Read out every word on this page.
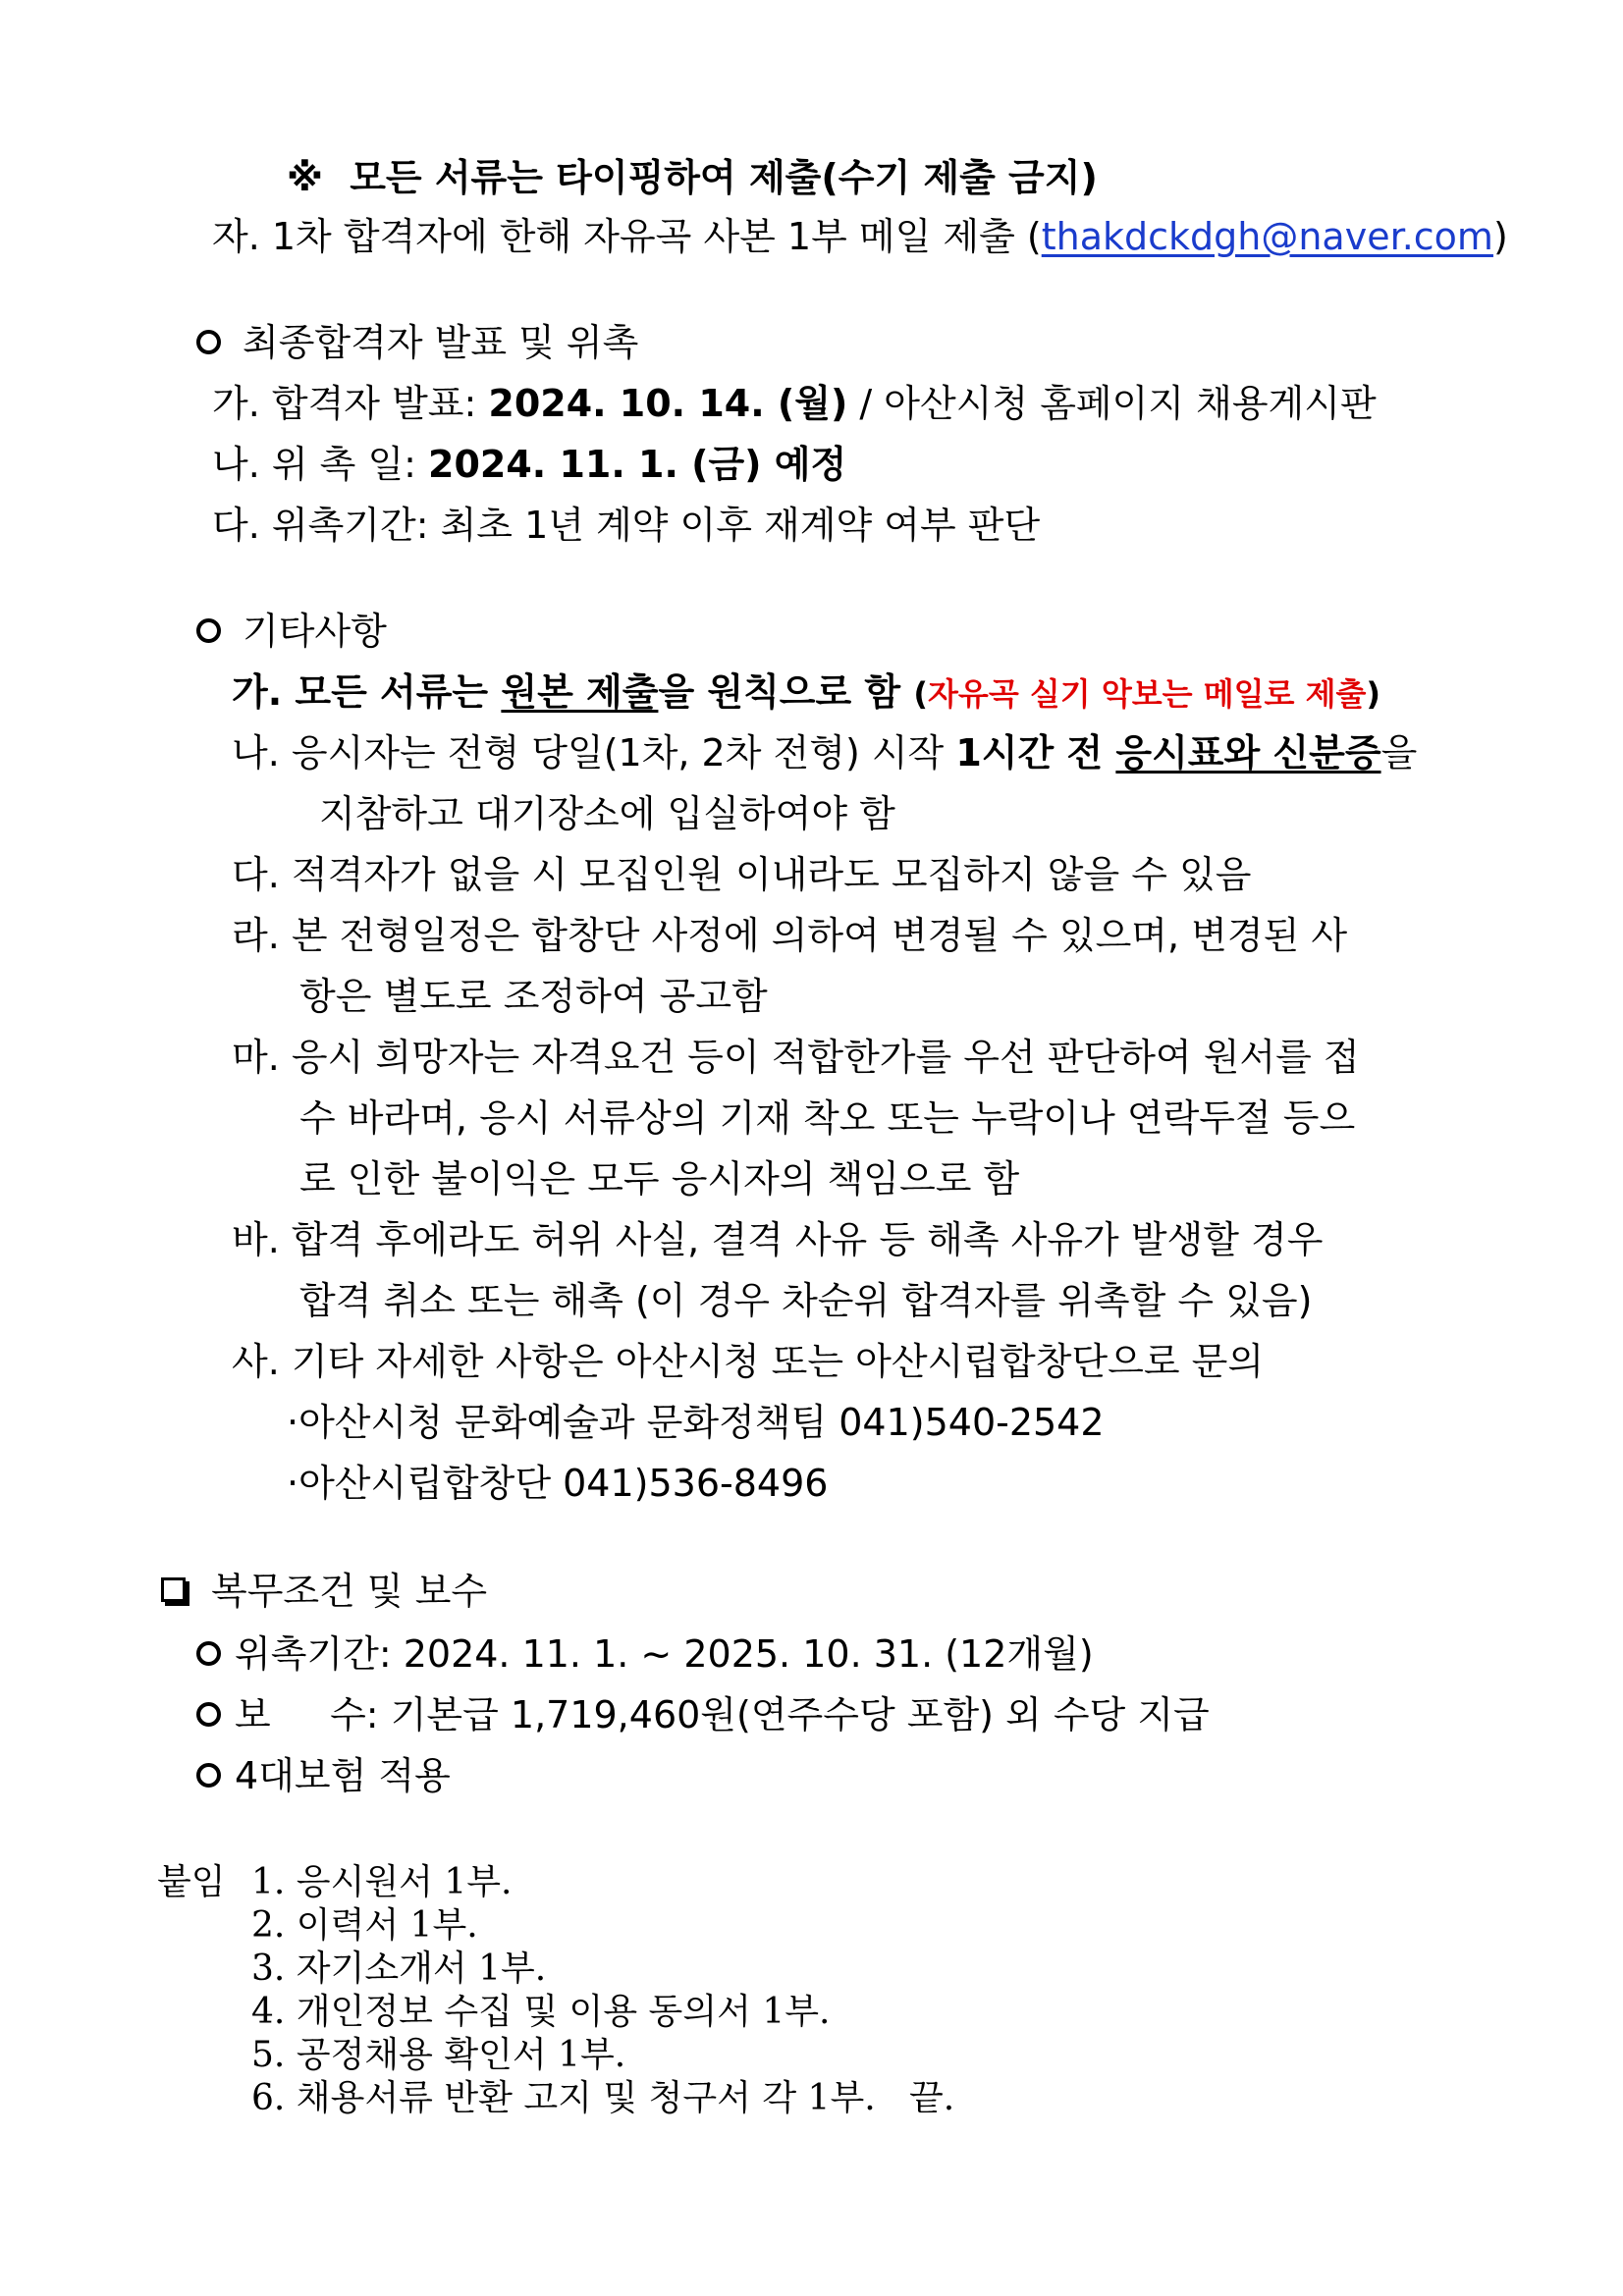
※ 모든 서류는 타이핑하여 제출(수기 제출 금지)
자. 1차 합격자에 한해 자유곡 사본 1부 메일 제출 (thakdckdgh@naver.com)
최종합격자 발표 및 위촉
가. 합격자 발표: 2024. 10. 14. (월) / 아산시청 홈페이지 채용게시판
나. 위 촉 일: 2024. 11. 1. (금) 예정
다. 위촉기간: 최초 1년 계약 이후 재계약 여부 판단
기타사항
가. 모든 서류는 원본 제출을 원칙으로 함 (자유곡 실기 악보는 메일로 제출)
나. 응시자는 전형 당일(1차, 2차 전형) 시작 1시간 전 응시표와 신분증을
지참하고 대기장소에 입실하여야 함
다. 적격자가 없을 시 모집인원 이내라도 모집하지 않을 수 있음
라. 본 전형일정은 합창단 사정에 의하여 변경될 수 있으며, 변경된 사
항은 별도로 조정하여 공고함
마. 응시 희망자는 자격요건 등이 적합한가를 우선 판단하여 원서를 접
수 바라며, 응시 서류상의 기재 착오 또는 누락이나 연락두절 등으
로 인한 불이익은 모두 응시자의 책임으로 함
바. 합격 후에라도 허위 사실, 결격 사유 등 해촉 사유가 발생할 경우
합격 취소 또는 해촉 (이 경우 차순위 합격자를 위촉할 수 있음)
사. 기타 자세한 사항은 아산시청 또는 아산시립합창단으로 문의
·아산시청 문화예술과 문화정책팀 041)540-2542
·아산시립합창단 041)536-8496
복무조건 및 보수
위촉기간: 2024. 11. 1. ~ 2025. 10. 31. (12개월)
보     수: 기본급 1,719,460원(연주수당 포함) 외 수당 지급
4대보험 적용
붙임 1. 응시원서 1부.
2. 이력서 1부.
3. 자기소개서 1부.
4. 개인정보 수집 및 이용 동의서 1부.
5. 공정채용 확인서 1부.
6. 채용서류 반환 고지 및 청구서 각 1부.   끝.
